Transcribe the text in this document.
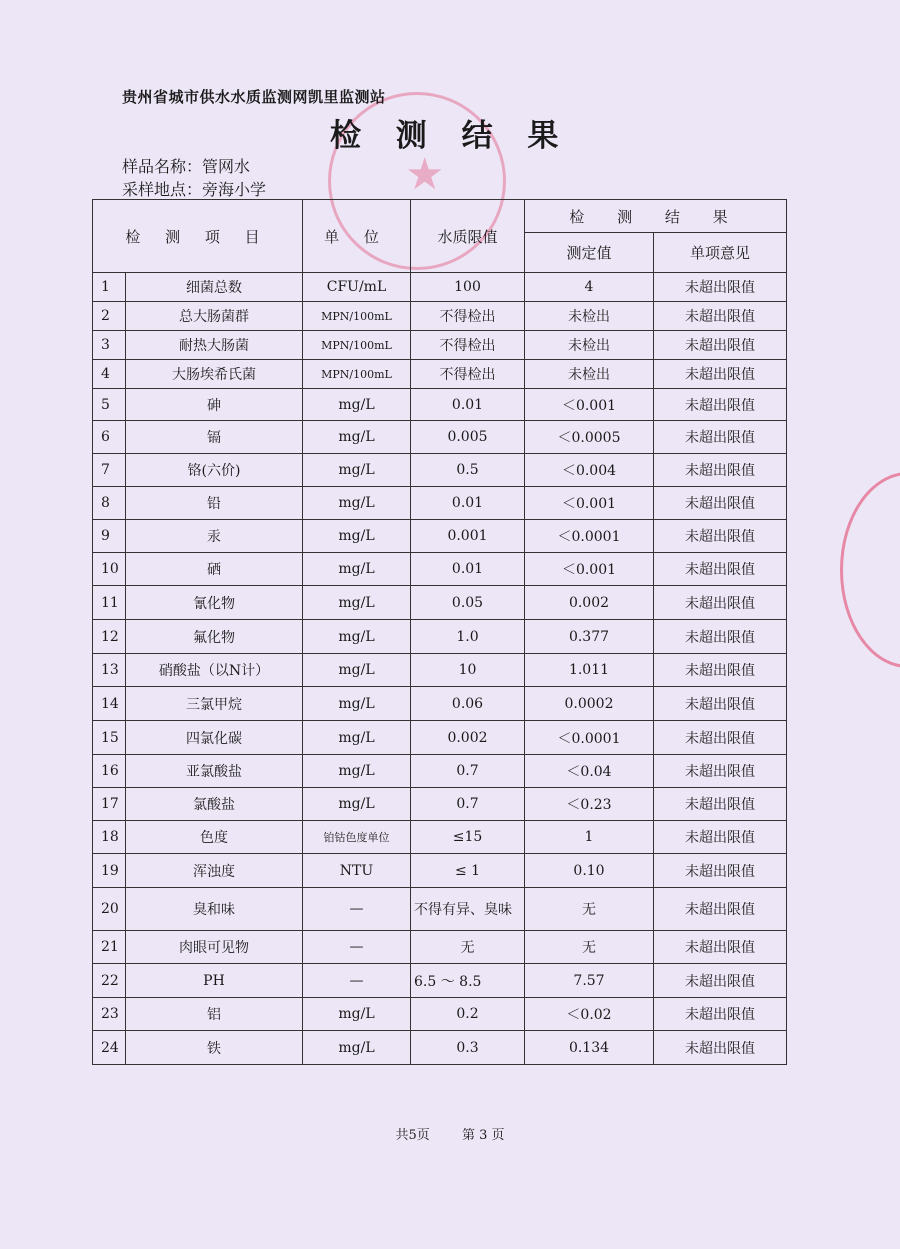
★
贵州省城市供水水质监测网凯里监测站
检 测 结 果
样品名称：管网水
采样地点：旁海小学
检 测 项 目		单 位	水质限值	检 测 结 果	
				测定值	单项意见
1	细菌总数	CFU/mL	100	4	未超出限值
2	总大肠菌群	MPN/100mL	不得检出	未检出	未超出限值
3	耐热大肠菌	MPN/100mL	不得检出	未检出	未超出限值
4	大肠埃希氏菌	MPN/100mL	不得检出	未检出	未超出限值
5	砷	mg/L	0.01	＜0.001	未超出限值
6	镉	mg/L	0.005	＜0.0005	未超出限值
7	铬(六价)	mg/L	0.5	＜0.004	未超出限值
8	铅	mg/L	0.01	＜0.001	未超出限值
9	汞	mg/L	0.001	＜0.0001	未超出限值
10	硒	mg/L	0.01	＜0.001	未超出限值
11	氰化物	mg/L	0.05	0.002	未超出限值
12	氟化物	mg/L	1.0	0.377	未超出限值
13	硝酸盐（以N计）	mg/L	10	1.011	未超出限值
14	三氯甲烷	mg/L	0.06	0.0002	未超出限值
15	四氯化碳	mg/L	0.002	＜0.0001	未超出限值
16	亚氯酸盐	mg/L	0.7	＜0.04	未超出限值
17	氯酸盐	mg/L	0.7	＜0.23	未超出限值
18	色度	铂钴色度单位	≤15	1	未超出限值
19	浑浊度	NTU	≤ 1	0.10	未超出限值
20	臭和味	—	不得有异、臭味	无	未超出限值
21	肉眼可见物	—	无	无	未超出限值
22	PH	—	6.5 ～ 8.5	7.57	未超出限值
23	铝	mg/L	0.2	＜0.02	未超出限值
24	铁	mg/L	0.3	0.134	未超出限值
共5页 第 3 页
